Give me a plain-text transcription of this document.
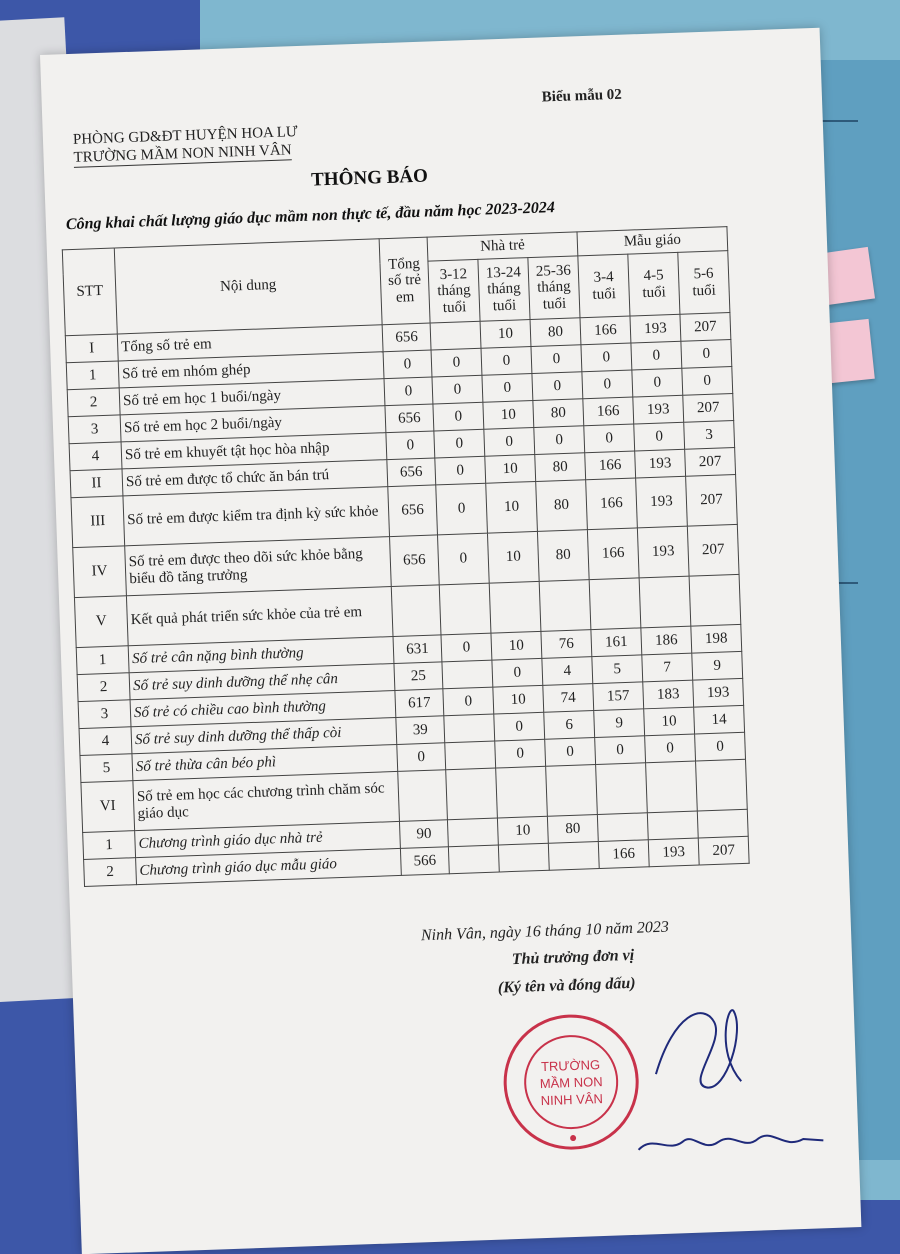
Biểu mẫu 02
PHÒNG GD&ĐT HUYỆN HOA LƯ
TRƯỜNG MẦM NON NINH VÂN
THÔNG BÁO
Công khai chất lượng giáo dục mầm non thực tế, đầu năm học 2023-2024
STT	Nội dung	Tổng số trẻ em	Nhà trẻ			Mẫu giáo		
			3-12 tháng tuổi	13-24 tháng tuổi	25-36 tháng tuổi	3-4 tuổi	4-5 tuổi	5-6 tuổi
I	Tổng số trẻ em	656		10	80	166	193	207
1	Số trẻ em nhóm ghép	0	0	0	0	0	0	0
2	Số trẻ em học 1 buổi/ngày	0	0	0	0	0	0	0
3	Số trẻ em học 2 buổi/ngày	656	0	10	80	166	193	207
4	Số trẻ em khuyết tật học hòa nhập	0	0	0	0	0	0	3
II	Số trẻ em được tổ chức ăn bán trú	656	0	10	80	166	193	207
III	Số trẻ em được kiểm tra định kỳ sức khỏe	656	0	10	80	166	193	207
IV	Số trẻ em được theo dõi sức khỏe bằng biểu đồ tăng trưởng	656	0	10	80	166	193	207
V	Kết quả phát triển sức khỏe của trẻ em							
1	Số trẻ cân nặng bình thường	631	0	10	76	161	186	198
2	Số trẻ suy dinh dưỡng thể nhẹ cân	25		0	4	5	7	9
3	Số trẻ có chiều cao bình thường	617	0	10	74	157	183	193
4	Số trẻ suy dinh dưỡng thể thấp còi	39		0	6	9	10	14
5	Số trẻ thừa cân béo phì	0		0	0	0	0	0
VI	Số trẻ em học các chương trình chăm sóc giáo dục							
1	Chương trình giáo dục nhà trẻ	90		10	80			
2	Chương trình giáo dục mẫu giáo	566				166	193	207
Ninh Vân, ngày 16 tháng 10 năm 2023
Thủ trưởng đơn vị
(Ký tên và đóng dấu)
TRƯỜNG
MẦM NON
NINH VÂN
